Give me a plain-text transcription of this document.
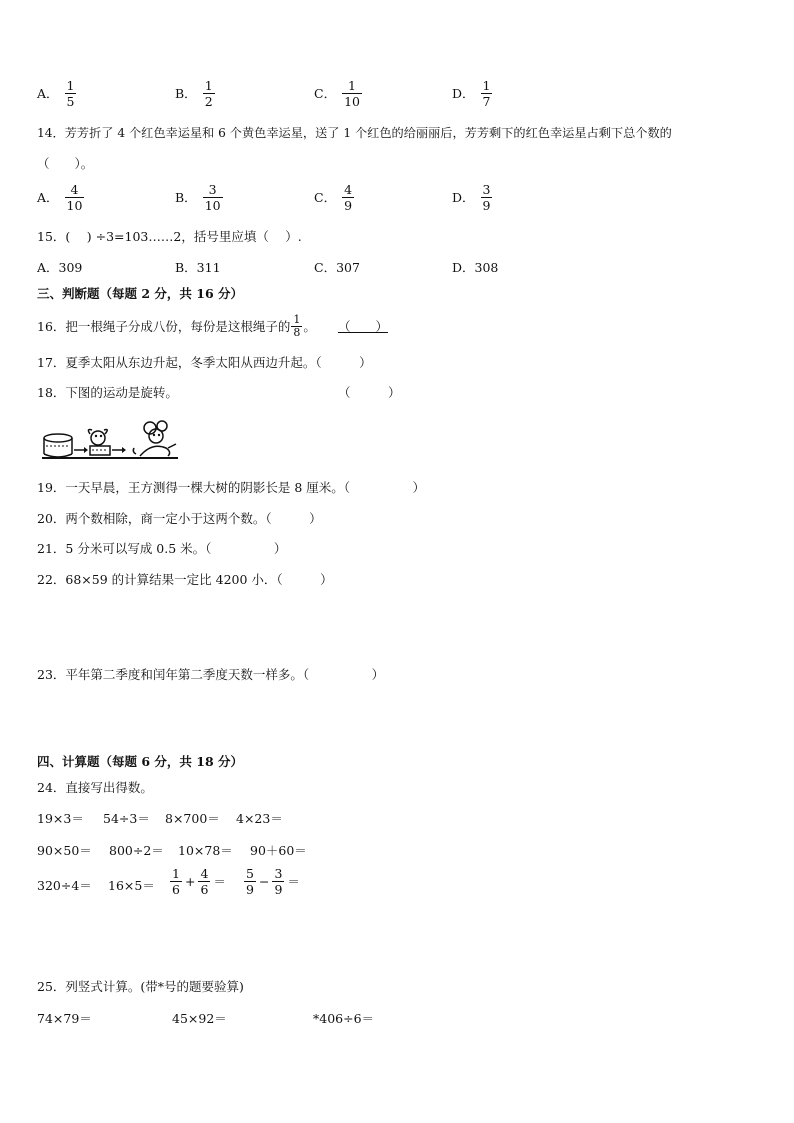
A． $\frac{1}{5}$	B． $\frac{1}{2}$	C． $\frac{1}{10}$	D． $\frac{1}{7}$
14．芳芳折了 4 个红色幸运星和 6 个黄色幸运星，送了 1 个红色的给丽丽后，芳芳剩下的红色幸运星占剩下总个数的
（　　）。
A． $\frac{4}{10}$	B． $\frac{3}{10}$	C． $\frac{4}{9}$	D． $\frac{3}{9}$
15．(　 ) ÷3=103……2，括号里应填（　 ）.
A．309	B．311	C．307	D．308
三、判断题（每题 2 分，共 16 分）
16．把一根绳子分成八份，每份是这根绳子的 $\frac{1}{8}$ 。 （　　）
17．夏季太阳从东边升起，冬季太阳从西边升起。（　　　）
18．下图的运动是旋转。	（　　　）
19．一天早晨，王方测得一棵大树的阴影长是 8 厘米。（　　　　　）
20．两个数相除，商一定小于这两个数。（　　　）
21．5 分米可以写成 0.5 米。（　　　　　）
22．68×59 的计算结果一定比 4200 小．（　　　）
23．平年第二季度和闰年第二季度天数一样多。（　　　　　）
四、计算题（每题 6 分，共 18 分）
24．直接写出得数。
19×3＝ 54÷3＝ 8×700＝ 4×23＝
90×50＝ 800÷2＝ 10×78＝ 90＋60＝
$320\div 4= 16\times 5= \frac{1}{6} + \frac{4}{6} = \frac{5}{9} - \frac{3}{9}$ ＝
25．列竖式计算。(带*号的题要验算)
74×79＝	45×92＝	*406÷6＝
